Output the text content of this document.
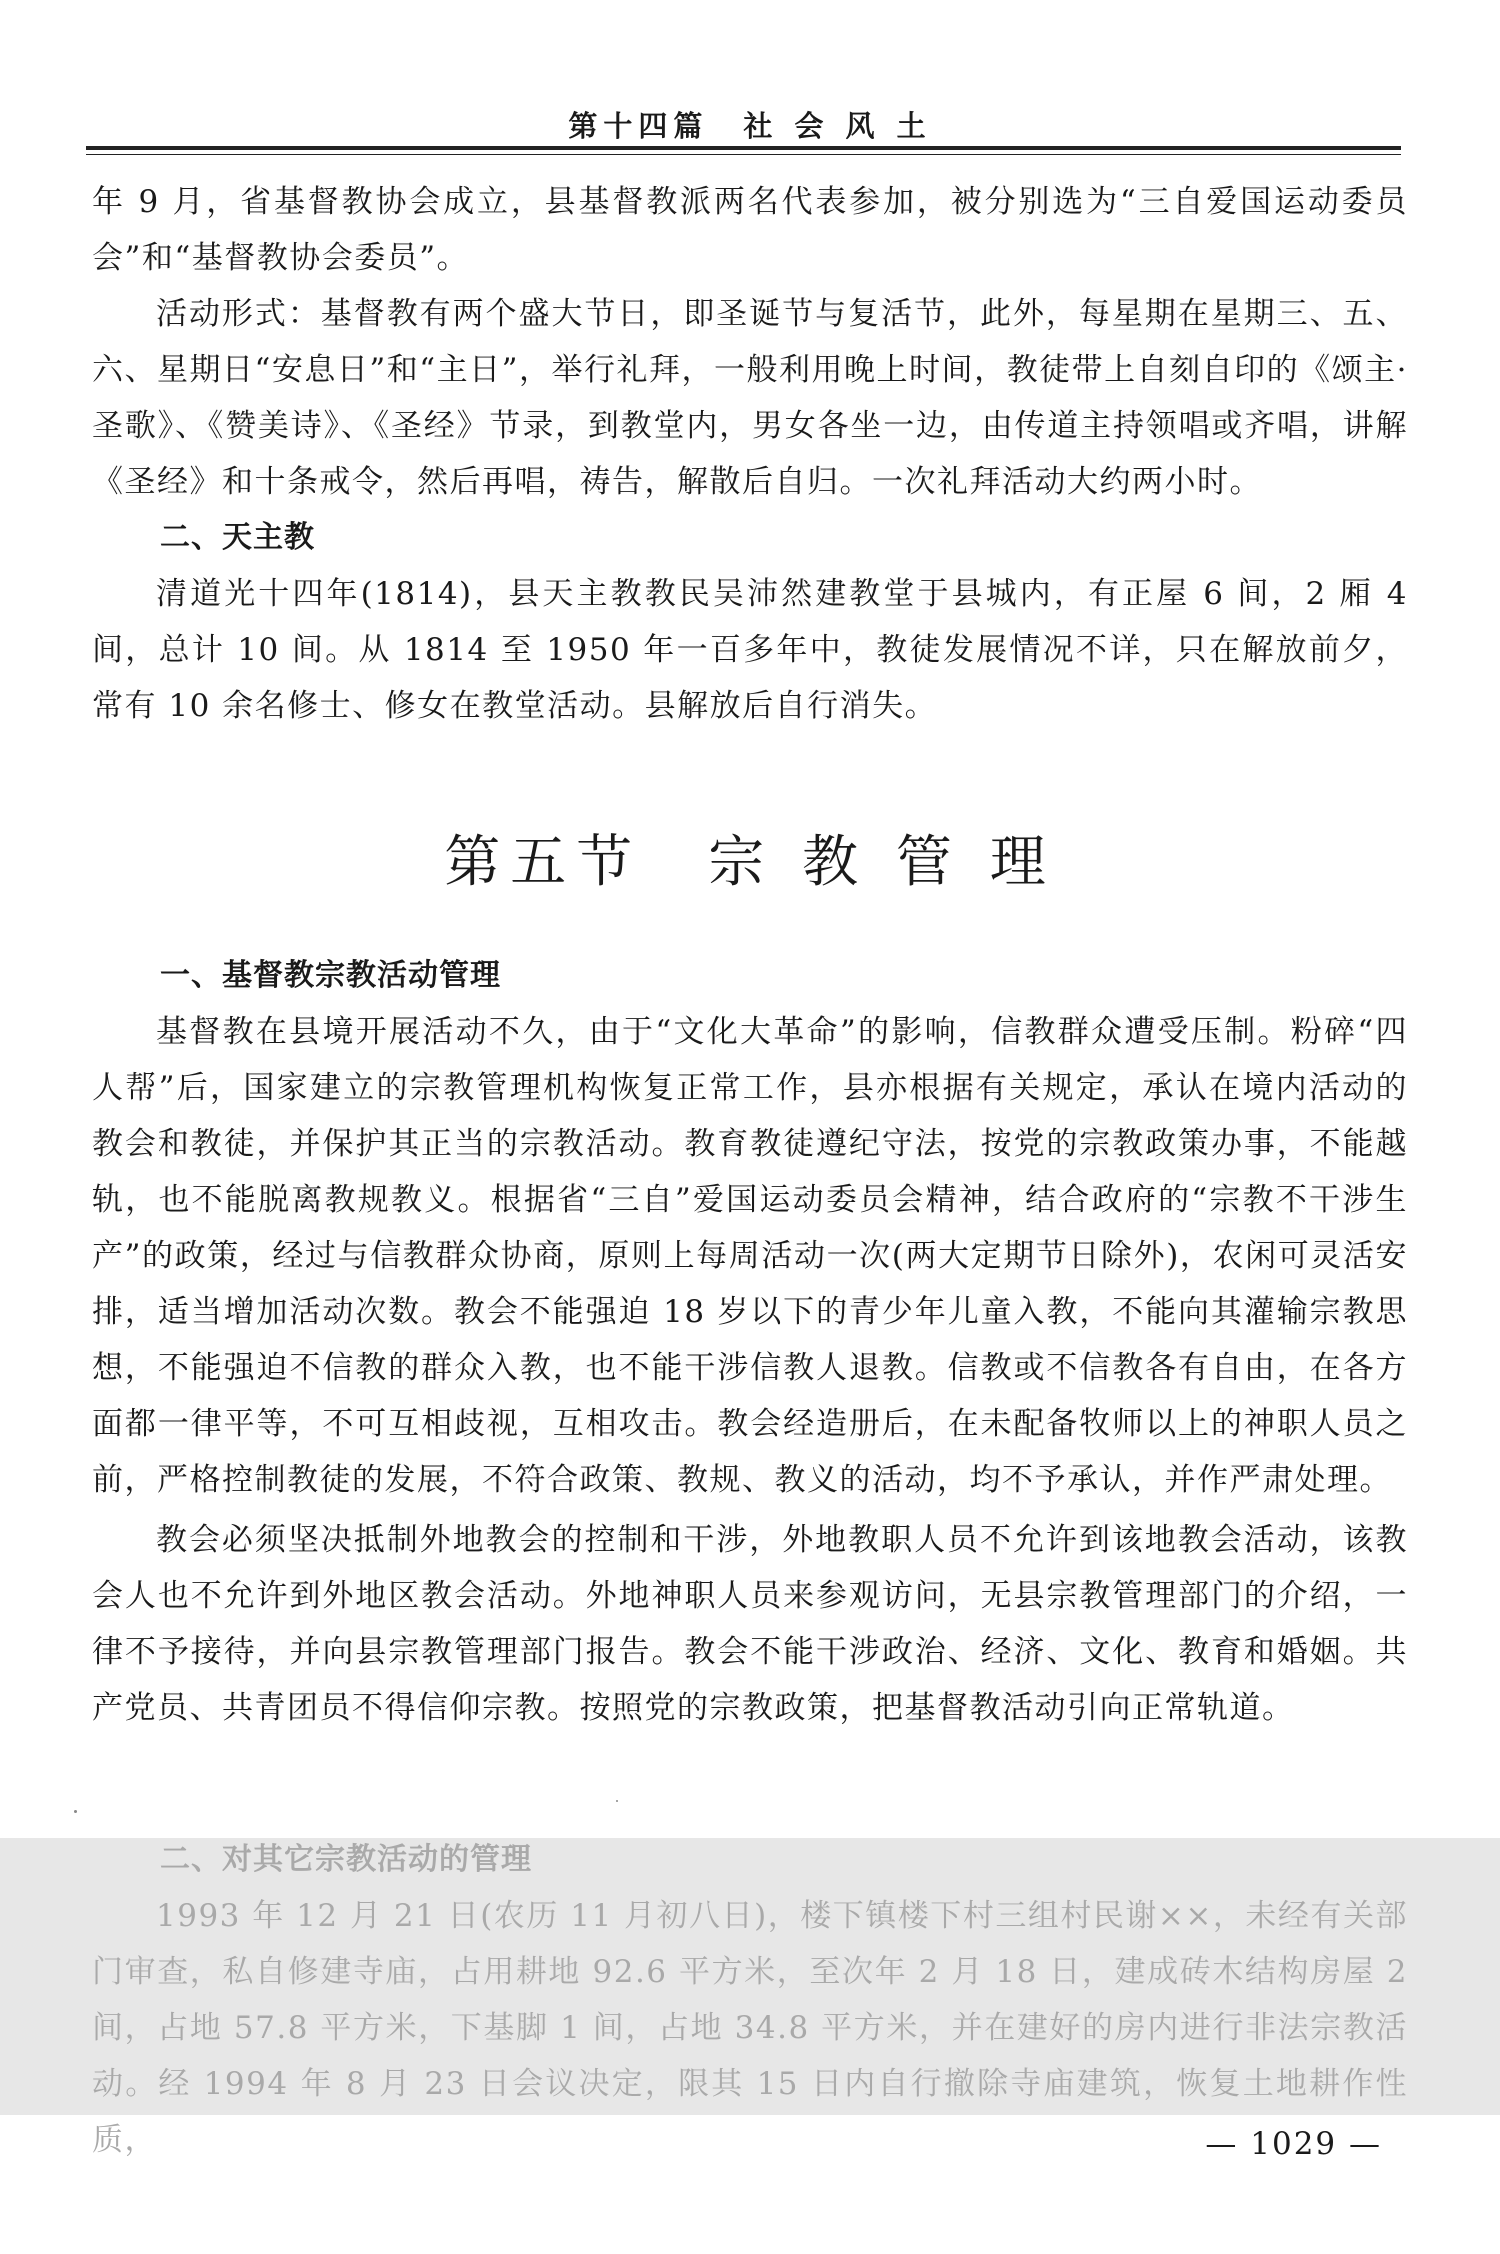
第十四篇　社 会 风 土

年 9 月，省基督教协会成立，县基督教派两名代表参加，被分别选为“三自爱国运动委员会”和“基督教协会委员”。

活动形式：基督教有两个盛大节日，即圣诞节与复活节，此外，每星期在星期三、五、六、星期日“安息日”和“主日”，举行礼拜，一般利用晚上时间，教徒带上自刻自印的《颂主·圣歌》、《赞美诗》、《圣经》节录，到教堂内，男女各坐一边，由传道主持领唱或齐唱，讲解《圣经》和十条戒令，然后再唱，祷告，解散后自归。一次礼拜活动大约两小时。

二、天主教

清道光十四年(1814)，县天主教教民吴沛然建教堂于县城内，有正屋 6 间，2 厢 4 间，总计 10 间。从 1814 至 1950 年一百多年中，教徒发展情况不详，只在解放前夕，常有 10 余名修士、修女在教堂活动。县解放后自行消失。

第五节　宗 教 管 理

一、基督教宗教活动管理

基督教在县境开展活动不久，由于“文化大革命”的影响，信教群众遭受压制。粉碎“四人帮”后，国家建立的宗教管理机构恢复正常工作，县亦根据有关规定，承认在境内活动的教会和教徒，并保护其正当的宗教活动。教育教徒遵纪守法，按党的宗教政策办事，不能越轨，也不能脱离教规教义。根据省“三自”爱国运动委员会精神，结合政府的“宗教不干涉生产”的政策，经过与信教群众协商，原则上每周活动一次(两大定期节日除外)，农闲可灵活安排，适当增加活动次数。教会不能强迫 18 岁以下的青少年儿童入教，不能向其灌输宗教思想，不能强迫不信教的群众入教，也不能干涉信教人退教。信教或不信教各有自由，在各方面都一律平等，不可互相歧视，互相攻击。教会经造册后，在未配备牧师以上的神职人员之前，严格控制教徒的发展，不符合政策、教规、教义的活动，均不予承认，并作严肃处理。

教会必须坚决抵制外地教会的控制和干涉，外地教职人员不允许到该地教会活动，该教会人也不允许到外地区教会活动。外地神职人员来参观访问，无县宗教管理部门的介绍，一律不予接待，并向县宗教管理部门报告。教会不能干涉政治、经济、文化、教育和婚姻。共产党员、共青团员不得信仰宗教。按照党的宗教政策，把基督教活动引向正常轨道。

二、对其它宗教活动的管理

1993 年 12 月 21 日(农历 11 月初八日)，楼下镇楼下村三组村民谢××，未经有关部门审查，私自修建寺庙，占用耕地 92.6 平方米，至次年 2 月 18 日，建成砖木结构房屋 2 间，占地 57.8 平方米，下基脚 1 间，占地 34.8 平方米，并在建好的房内进行非法宗教活动。经 1994 年 8 月 23 日会议决定，限其 15 日内自行撤除寺庙建筑，恢复土地耕作性质，	— 1029 —
